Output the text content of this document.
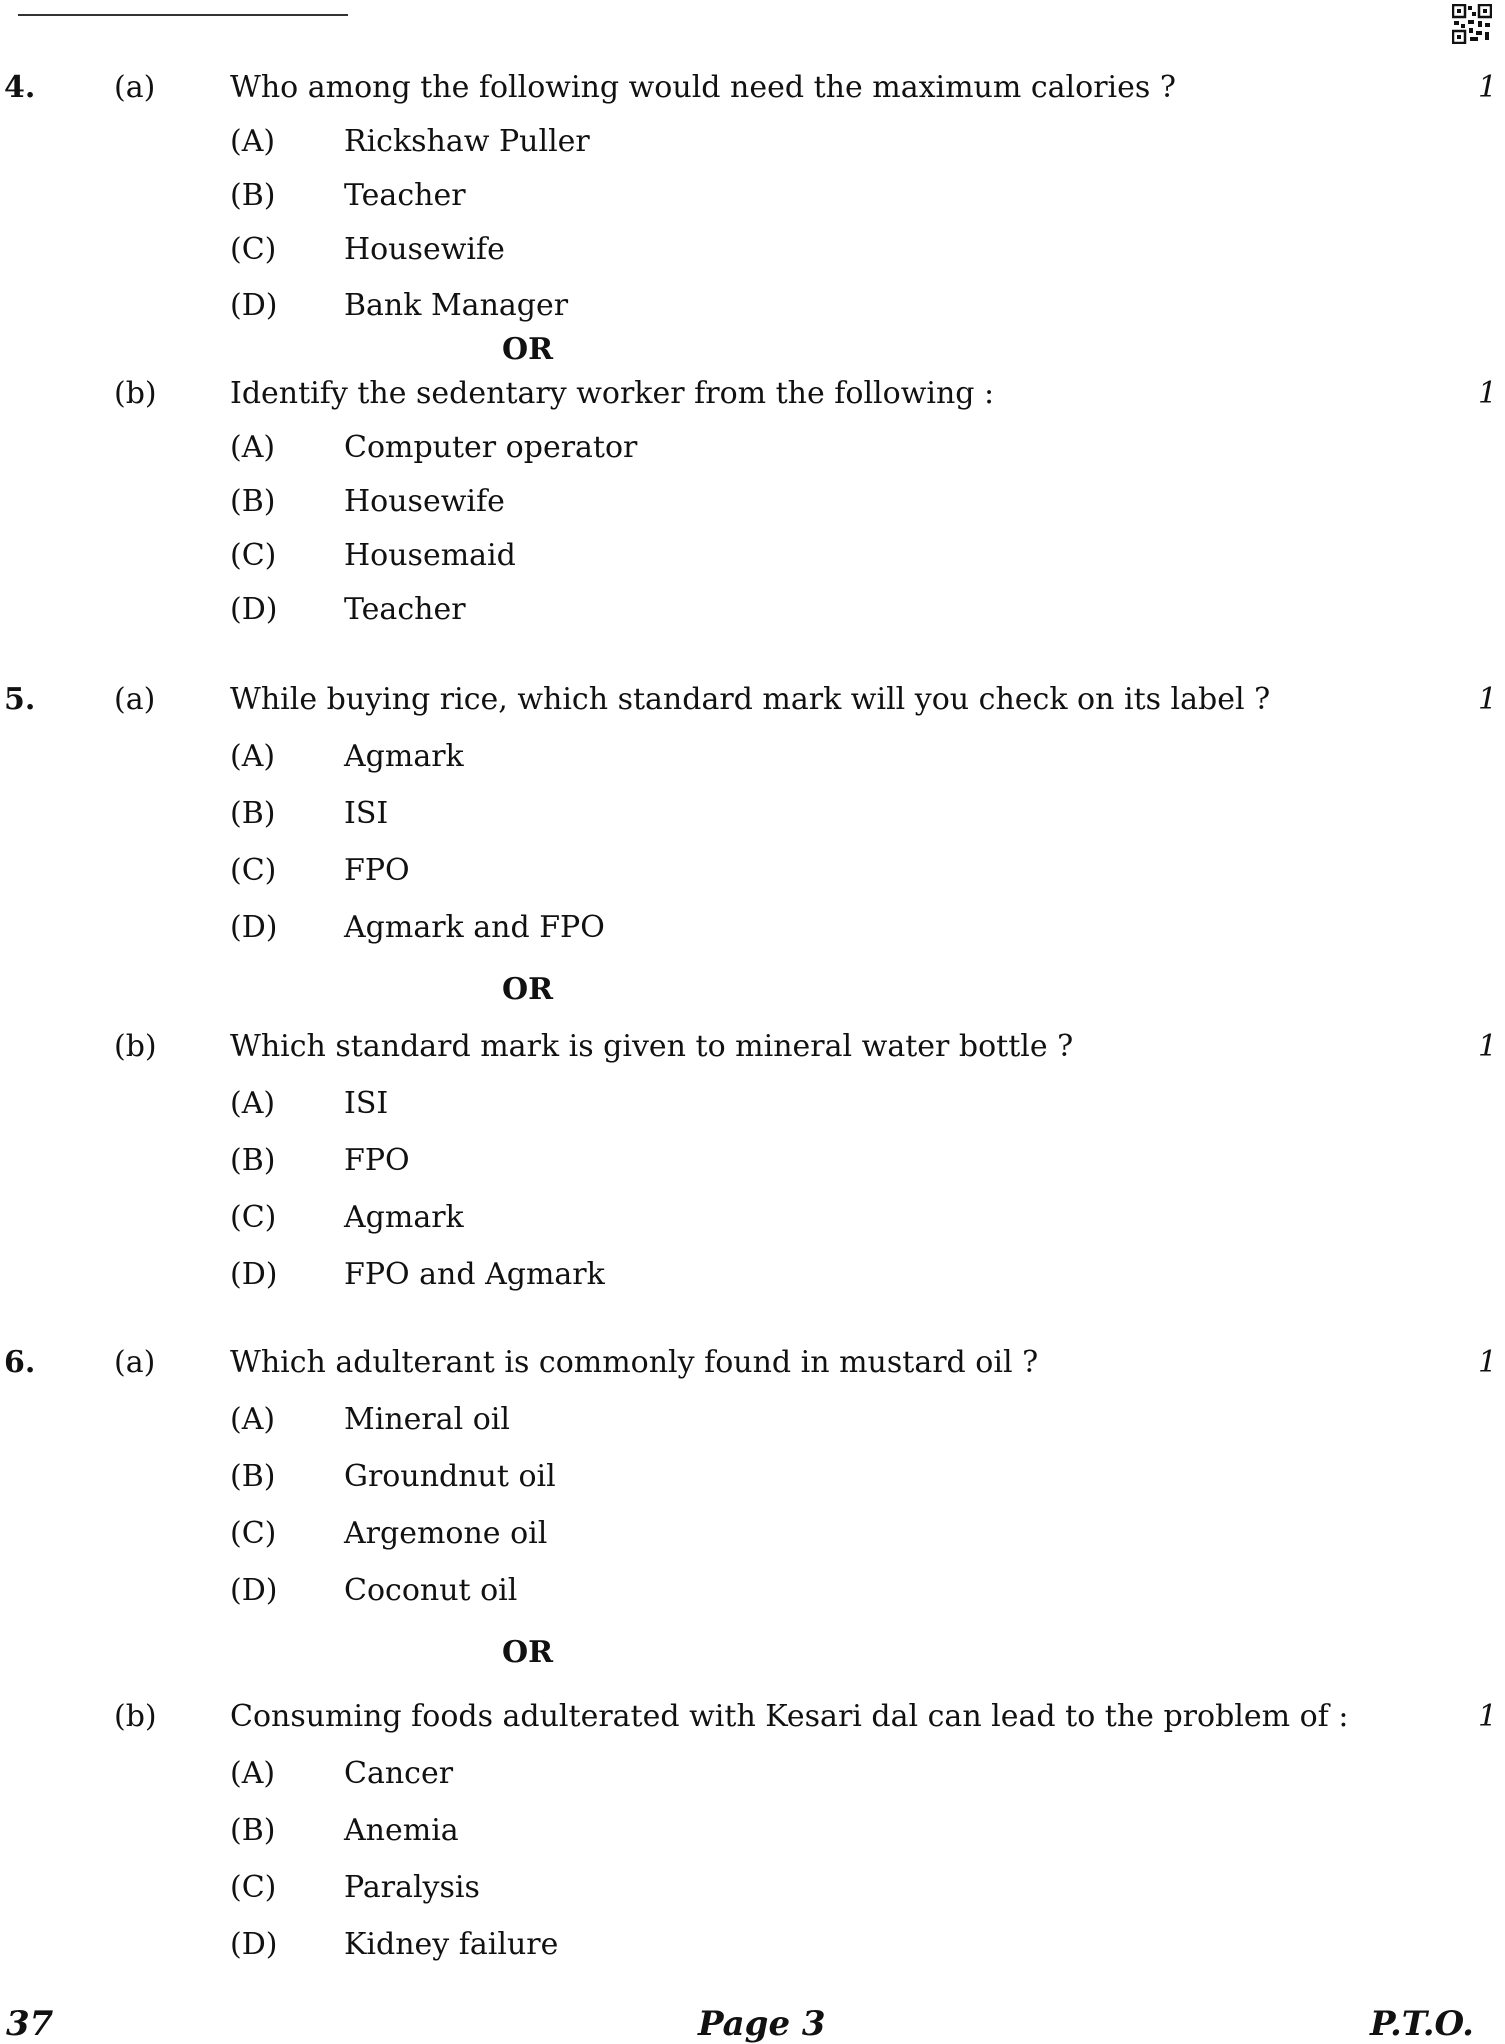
4.	(a) Who among the following would need the maximum calories ?	1
(A) Rickshaw Puller
(B) Teacher
(C) Housewife
(D) Bank Manager
OR
(b) Identify the sedentary worker from the following :	1
(A) Computer operator
(B) Housewife
(C) Housemaid
(D) Teacher
5.	(a) While buying rice, which standard mark will you check on its label ?	1
(A) Agmark
(B) ISI
(C) FPO
(D) Agmark and FPO
OR
(b) Which standard mark is given to mineral water bottle ?	1
(A) ISI
(B) FPO
(C) Agmark
(D) FPO and Agmark
6.	(a) Which adulterant is commonly found in mustard oil ?	1
(A) Mineral oil
(B) Groundnut oil
(C) Argemone oil
(D) Coconut oil
OR
(b) Consuming foods adulterated with Kesari dal can lead to the problem of :	1
(A) Cancer
(B) Anemia
(C) Paralysis
(D) Kidney failure
37	Page 3	P.T.O.
